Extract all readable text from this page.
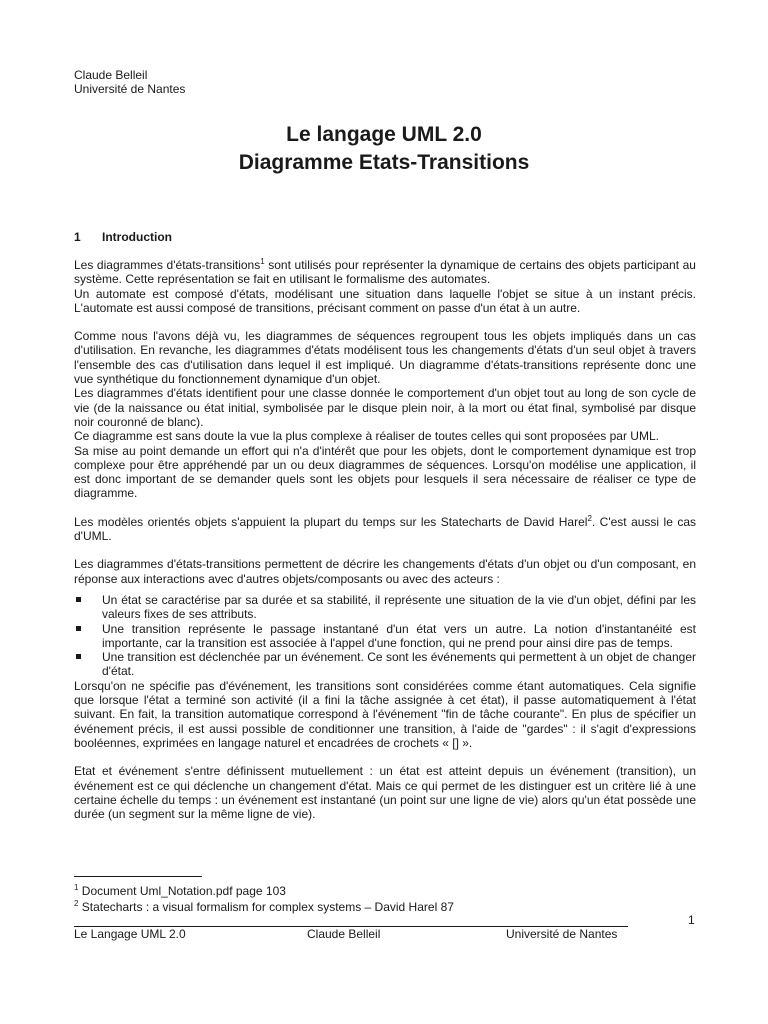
Claude Belleil
Université de Nantes
Le langage UML 2.0
Diagramme Etats-Transitions
1 Introduction

Les diagrammes d'états-transitions$^1$ sont utilisés pour représenter la dynamique de certains des objets participant au système. Cette représentation se fait en utilisant le formalisme des automates.

Un automate est composé d'états, modélisant une situation dans laquelle l'objet se situe à un instant précis. L'automate est aussi composé de transitions, précisant comment on passe d'un état à un autre.

Comme nous l'avons déjà vu, les diagrammes de séquences regroupent tous les objets impliqués dans un cas d'utilisation. En revanche, les diagrammes d'états modélisent tous les changements d'états d'un seul objet à travers l'ensemble des cas d'utilisation dans lequel il est impliqué. Un diagramme d'états-transitions représente donc une vue synthétique du fonctionnement dynamique d'un objet.

Les diagrammes d'états identifient pour une classe donnée le comportement d'un objet tout au long de son cycle de vie (de la naissance ou état initial, symbolisée par le disque plein noir, à la mort ou état final, symbolisé par disque noir couronné de blanc).

Ce diagramme est sans doute la vue la plus complexe à réaliser de toutes celles qui sont proposées par UML.

Sa mise au point demande un effort qui n'a d'intérêt que pour les objets, dont le comportement dynamique est trop complexe pour être appréhendé par un ou deux diagrammes de séquences. Lorsqu'on modélise une application, il est donc important de se demander quels sont les objets pour lesquels il sera nécessaire de réaliser ce type de diagramme.

Les modèles orientés objets s'appuient la plupart du temps sur les Statecharts de David Harel$^2$. C'est aussi le cas d'UML.

Les diagrammes d'états-transitions permettent de décrire les changements d'états d'un objet ou d'un composant, en réponse aux interactions avec d'autres objets/composants ou avec des acteurs :

Un état se caractérise par sa durée et sa stabilité, il représente une situation de la vie d'un objet, défini par les valeurs fixes de ses attributs.
Une transition représente le passage instantané d'un état vers un autre. La notion d'instantanéité est importante, car la transition est associée à l'appel d'une fonction, qui ne prend pour ainsi dire pas de temps.
Une transition est déclenchée par un événement. Ce sont les événements qui permettent à un objet de changer d'état.

Lorsqu'on ne spécifie pas d'événement, les transitions sont considérées comme étant automatiques. Cela signifie que lorsque l'état a terminé son activité (il a fini la tâche assignée à cet état), il passe automatiquement à l'état suivant. En fait, la transition automatique correspond à l'événement "fin de tâche courante". En plus de spécifier un événement précis, il est aussi possible de conditionner une transition, à l'aide de "gardes" : il s'agit d'expressions booléennes, exprimées en langage naturel et encadrées de crochets « [] ».

Etat et événement s'entre définissent mutuellement : un état est atteint depuis un événement (transition), un événement est ce qui déclenche un changement d'état. Mais ce qui permet de les distinguer est un critère lié à une certaine échelle du temps : un événement est instantané (un point sur une ligne de vie) alors qu'un état possède une durée (un segment sur la même ligne de vie).

$^1$ Document Uml_Notation.pdf page 103
$^2$ Statecharts : a visual formalism for complex systems – David Harel 87
1
Le Langage UML 2.0	Claude Belleil	Université de Nantes
